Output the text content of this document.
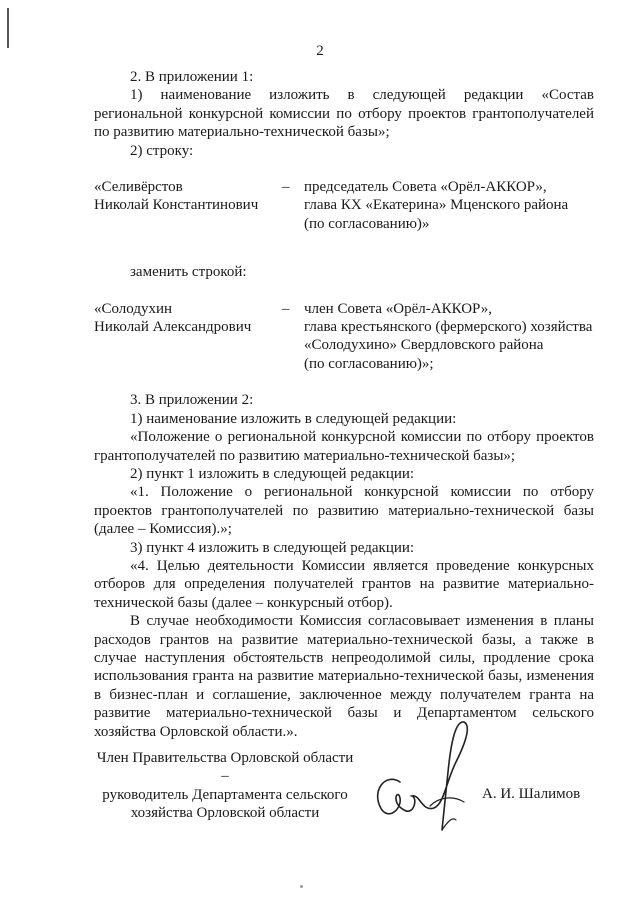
2

2. В приложении 1:

1) наименование изложить в следующей редакции «Состав региональной конкурсной комиссии по отбору проектов грантополучателей по развитию материально-технической базы»;

2) строку:

«Селивёрстов
Николай Константинович
– председатель Совета «Орёл-АККОР»,
глава КХ «Екатерина» Мценского района
(по согласованию)»

заменить строкой:

«Солодухин
Николай Александрович
– член Совета «Орёл-АККОР»,
глава крестьянского (фермерского) хозяйства
«Солодухино» Свердловского района
(по согласованию)»;

3. В приложении 2:

1) наименование изложить в следующей редакции:

«Положение о региональной конкурсной комиссии по отбору проектов грантополучателей по развитию материально-технической базы»;

2) пункт 1 изложить в следующей редакции:

«1. Положение о региональной конкурсной комиссии по отбору проектов грантополучателей по развитию материально-технической базы (далее – Комиссия).»;

3) пункт 4 изложить в следующей редакции:

«4. Целью деятельности Комиссии является проведение конкурсных отборов для определения получателей грантов на развитие материально-технической базы (далее – конкурсный отбор).

В случае необходимости Комиссия согласовывает изменения в планы расходов грантов на развитие материально-технической базы, а также в случае наступления обстоятельств непреодолимой силы, продление срока использования гранта на развитие материально-технической базы, изменения в бизнес-план и соглашение, заключенное между получателем гранта на развитие материально-технической базы и Департаментом сельского хозяйства Орловской области.».

Член Правительства Орловской области –
руководитель Департамента сельского
хозяйства Орловской области
А. И. Шалимов
